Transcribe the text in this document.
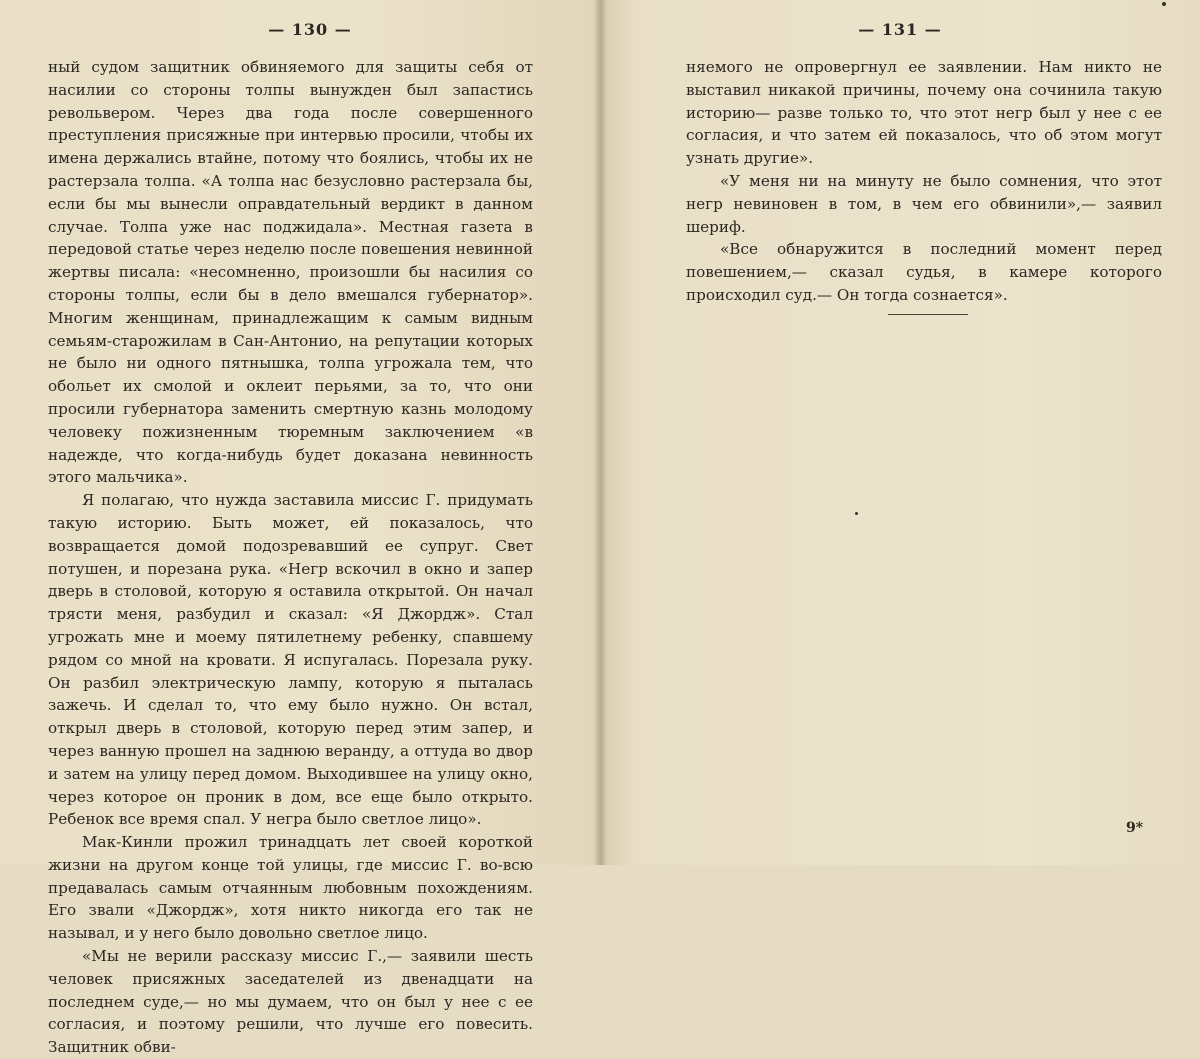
— 130 —

ный судом защитник обвиняемого для защиты себя от насилии со стороны толпы вынужден был запастись револьвером. Через два года после совершенного преступления присяжные при интервью просили, чтобы их имена держались втайне, потому что боялись, чтобы их не растерзала толпа. «А толпа нас безусловно растерзала бы, если бы мы вынесли оправдательный вердикт в данном случае. Толпа уже нас поджидала». Местная газета в передовой статье через неделю после повешения невинной жертвы писала: «несомненно, произошли бы насилия со стороны толпы, если бы в дело вмешался губернатор». Многим женщинам, принадлежащим к самым видным семьям-старожилам в Сан-Антонио, на репутации которых не было ни одного пятнышка, толпа угрожала тем, что обольет их смолой и оклеит перьями, за то, что они просили губернатора заменить смертную казнь молодому человеку пожизненным тюремным заключением «в надежде, что когда-нибудь будет доказана невинность этого мальчика».

Я полагаю, что нужда заставила миссис Г. придумать такую историю. Быть может, ей показалось, что возвращается домой подозревавший ее супруг. Свет потушен, и порезана рука. «Негр вскочил в окно и запер дверь в столовой, которую я оставила открытой. Он начал трясти меня, разбудил и сказал: «Я Джордж». Стал угрожать мне и моему пятилетнему ребенку, спавшему рядом со мной на кровати. Я испугалась. Порезала руку. Он разбил электрическую лампу, которую я пыталась зажечь. И сделал то, что ему было нужно. Он встал, открыл дверь в столовой, которую перед этим запер, и через ванную прошел на заднюю веранду, а оттуда во двор и затем на улицу перед домом. Выходившее на улицу окно, через которое он проник в дом, все еще было открыто. Ребенок все время спал. У негра было светлое лицо».

Мак-Кинли прожил тринадцать лет своей короткой жизни на другом конце той улицы, где миссис Г. во-всю предавалась самым отчаянным любовным похождениям. Его звали «Джордж», хотя никто никогда его так не называл, и у него было довольно светлое лицо.

«Мы не верили рассказу миссис Г.,— заявили шесть человек присяжных заседателей из двенадцати на последнем суде,— но мы думаем, что он был у нее с ее согласия, и поэтому решили, что лучше его повесить. Защитник обви-

— 131 —

няемого не опровергнул ее заявлении. Нам никто не выставил никакой причины, почему она сочинила такую историю— разве только то, что этот негр был у нее с ее согласия, и что затем ей показалось, что об этом могут узнать другие».

«У меня ни на минуту не было сомнения, что этот негр невиновен в том, в чем его обвинили»,— заявил шериф.

«Все обнаружится в последний момент перед повешением,— сказал судья, в камере которого происходил суд.— Он тогда сознается».

9*
